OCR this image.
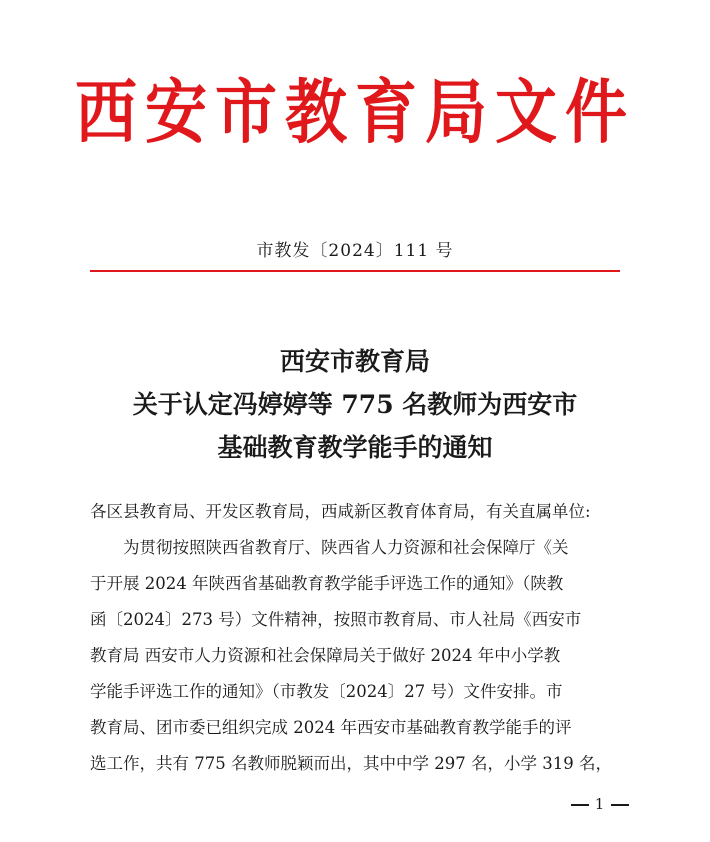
西安市教育局文件
市教发〔2024〕111 号
西安市教育局
关于认定冯婷婷等 775 名教师为西安市
基础教育教学能手的通知
各区县教育局、开发区教育局，西咸新区教育体育局，有关直属单位:
为贯彻按照陕西省教育厅、陕西省人力资源和社会保障厅《关
于开展 2024 年陕西省基础教育教学能手评选工作的通知》（陕教
函〔2024〕273 号）文件精神，按照市教育局、市人社局《西安市
教育局 西安市人力资源和社会保障局关于做好 2024 年中小学教
学能手评选工作的通知》（市教发〔2024〕27 号）文件安排。市
教育局、团市委已组织完成 2024 年西安市基础教育教学能手的评
选工作，共有 775 名教师脱颖而出，其中中学 297 名，小学 319 名，
1
